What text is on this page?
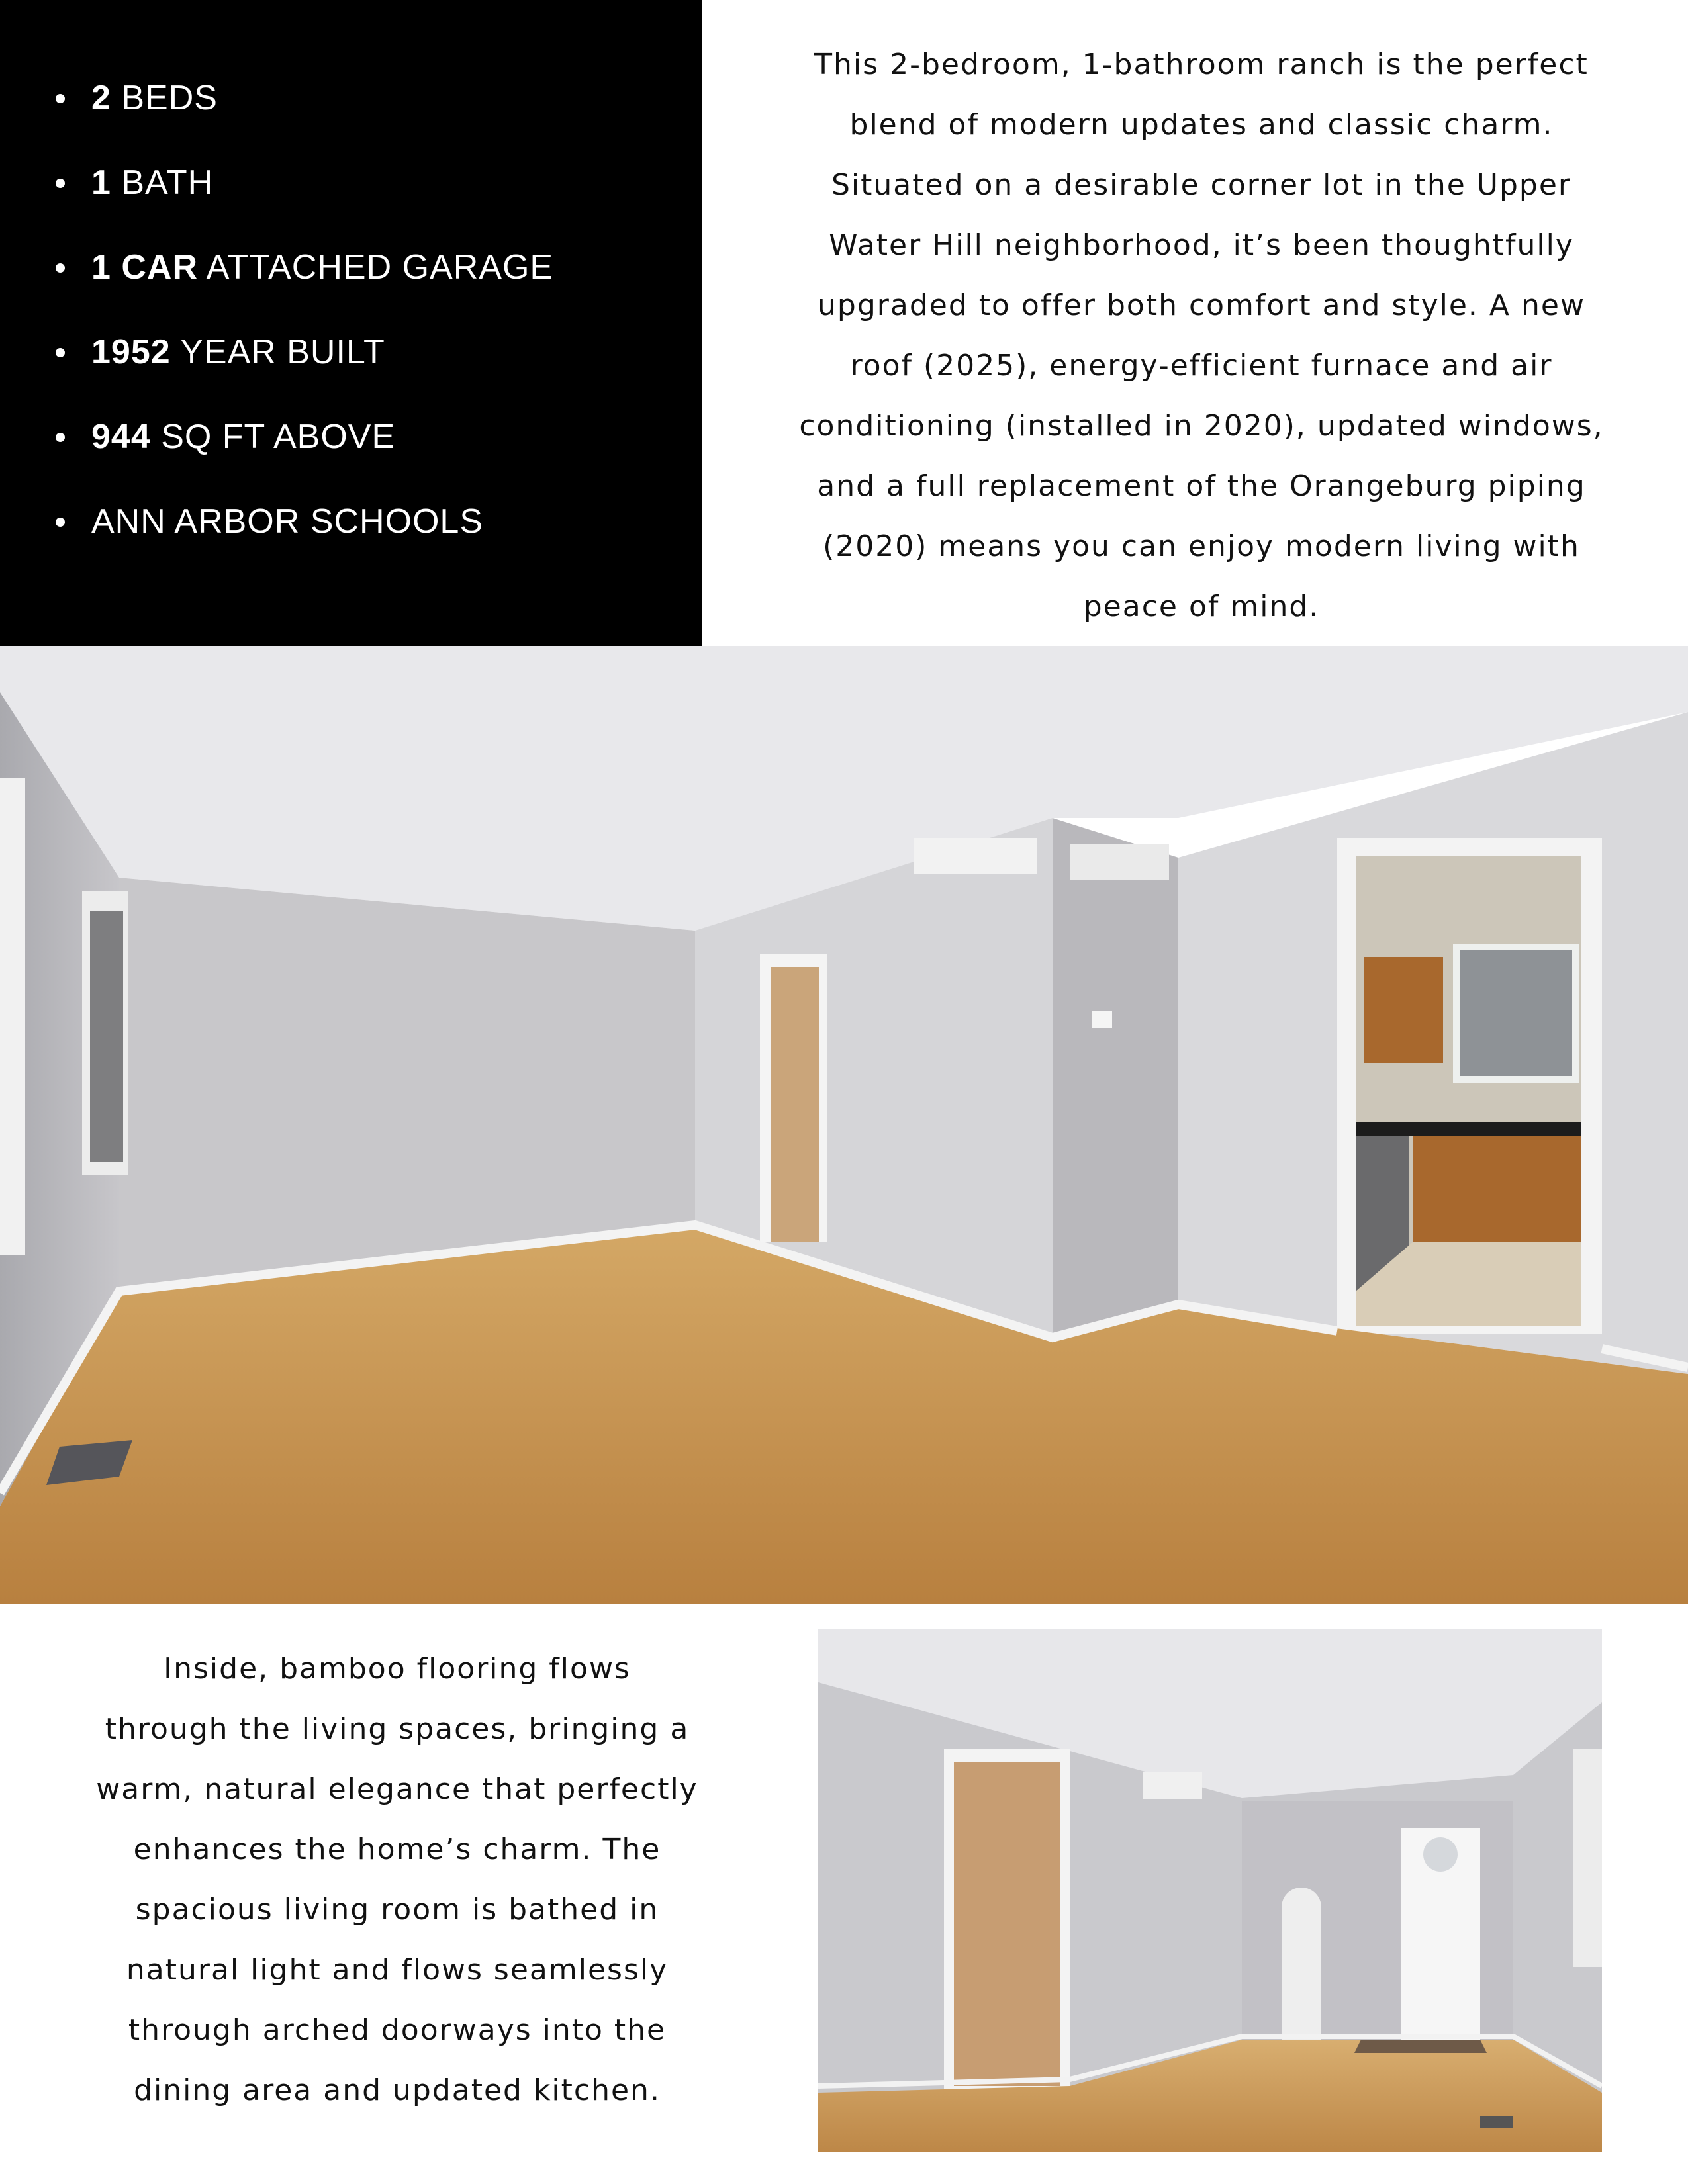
2 BEDS
1 BATH
1 CAR ATTACHED GARAGE
1952 YEAR BUILT
944 SQ FT ABOVE
ANN ARBOR SCHOOLS

This 2-bedroom, 1-bathroom ranch is the perfect
blend of modern updates and classic charm.
Situated on a desirable corner lot in the Upper
Water Hill neighborhood, it’s been thoughtfully
upgraded to offer both comfort and style. A new
roof (2025), energy-efficient furnace and air
conditioning (installed in 2020), updated windows,
and a full replacement of the Orangeburg piping
(2020) means you can enjoy modern living with
peace of mind.

Inside, bamboo flooring flows
through the living spaces, bringing a
warm, natural elegance that perfectly
enhances the home’s charm. The
spacious living room is bathed in
natural light and flows seamlessly
through arched doorways into the
dining area and updated kitchen.
